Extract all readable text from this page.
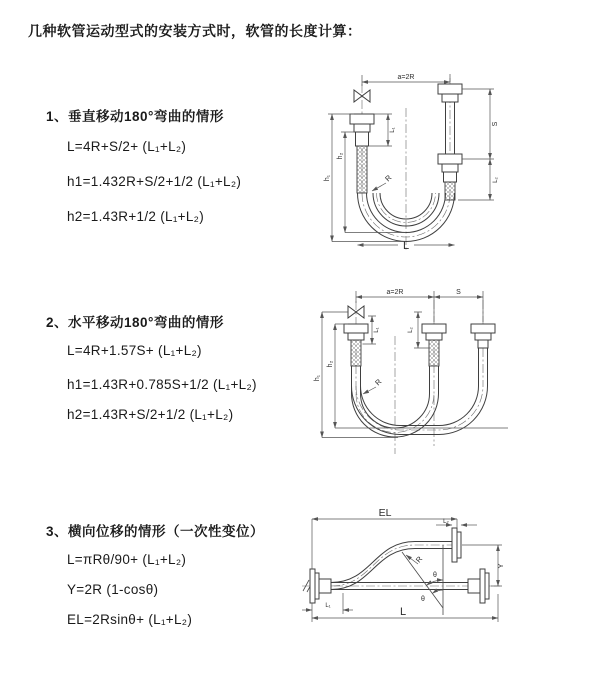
几种软管运动型式的安装方式时，软管的长度计算：
1、垂直移动180°弯曲的情形
L=4R+S/2+ (L₁+L₂)
h1=1.432R+S/2+1/2 (L₁+L₂)
h2=1.43R+1/2 (L₁+L₂)
2、水平移动180°弯曲的情形
L=4R+1.57S+ (L₁+L₂)
h1=1.43R+0.785S+1/2 (L₁+L₂)
h2=1.43R+S/2+1/2 (L₁+L₂)
3、横向位移的情形（一次性变位）
L=πRθ/90+ (L₁+L₂)
Y=2R (1-cosθ)
EL=2Rsinθ+ (L₁+L₂)
a=2R
h₁
h₂
L₁
S
L₂
R
L
a=2R	S
h₁
h₂
L₁	L₂
R
θ
θ
EL
L₂
Y
L₁	L
R
